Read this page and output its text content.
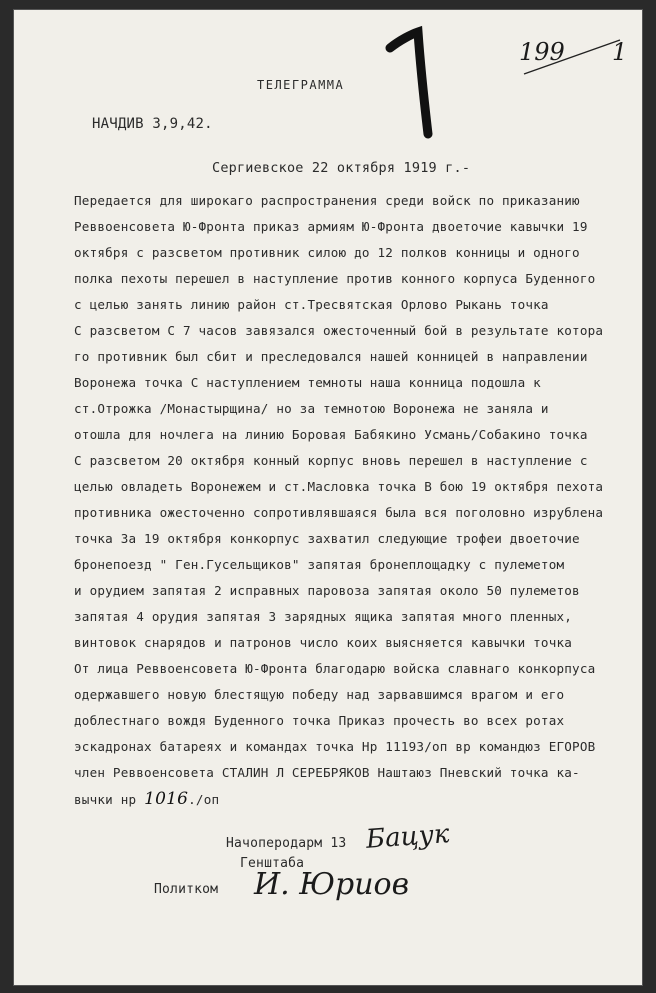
199 1
ТЕЛЕГРАММА
НАЧДИВ 3,9,42.
Сергиевское 22 октября 1919 г.-
Передается для широкаго распространения среди войск по приказанию
Реввоенсовета Ю-Фронта приказ армиям Ю-Фронта двоеточие кавычки 19
октября с разсветом противник силою до 12 полков конницы и одного
полка пехоты перешел в наступление против конного корпуса Буденного
с целью занять линию район ст.Тресвятская Орлово Рыкань точка
С разсветом С 7 часов завязался ожесточенный бой в результате котора
го противник был сбит и преследовался нашей конницей в направлении
Воронежа точка С наступлением темноты наша конница подошла к
ст.Отрожка /Монастырщина/ но за темнотою Воронежа не заняла и
отошла для ночлега на линию Боровая Бабякино Усмань/Собакино точка
С разсветом 20 октября конный корпус вновь перешел в наступление с
целью овладеть Воронежем и ст.Масловка точка В бою 19 октября пехота
противника ожесточенно сопротивлявшаяся была вся поголовно изрублена
точка За 19 октября конкорпус захватил следующие трофеи двоеточие
бронепоезд " Ген.Гусельщиков" запятая бронеплощадку с пулеметом
и орудием запятая 2 исправных паровоза запятая около 50 пулеметов
запятая 4 орудия запятая 3 зарядных ящика запятая много пленных,
винтовок снарядов и патронов число коих выясняется кавычки точка
От лица Реввоенсовета Ю-Фронта благодарю войска славнаго конкорпуса
одержавшего новую блестящую победу над зарвавшимся врагом и его
доблестнаго вождя Буденного точка Приказ прочесть во всех ротах
эскадронах батареях и командах точка Нр 11193/оп вр командюз ЕГОРОВ
член Реввоенсовета СТАЛИН Л СЕРЕБРЯКОВ Наштаюз Пневский точка ка-
вычки нр 1016./оп
Начоперодарм 13
Генштаба
Бацук
Политком И. Юриов
